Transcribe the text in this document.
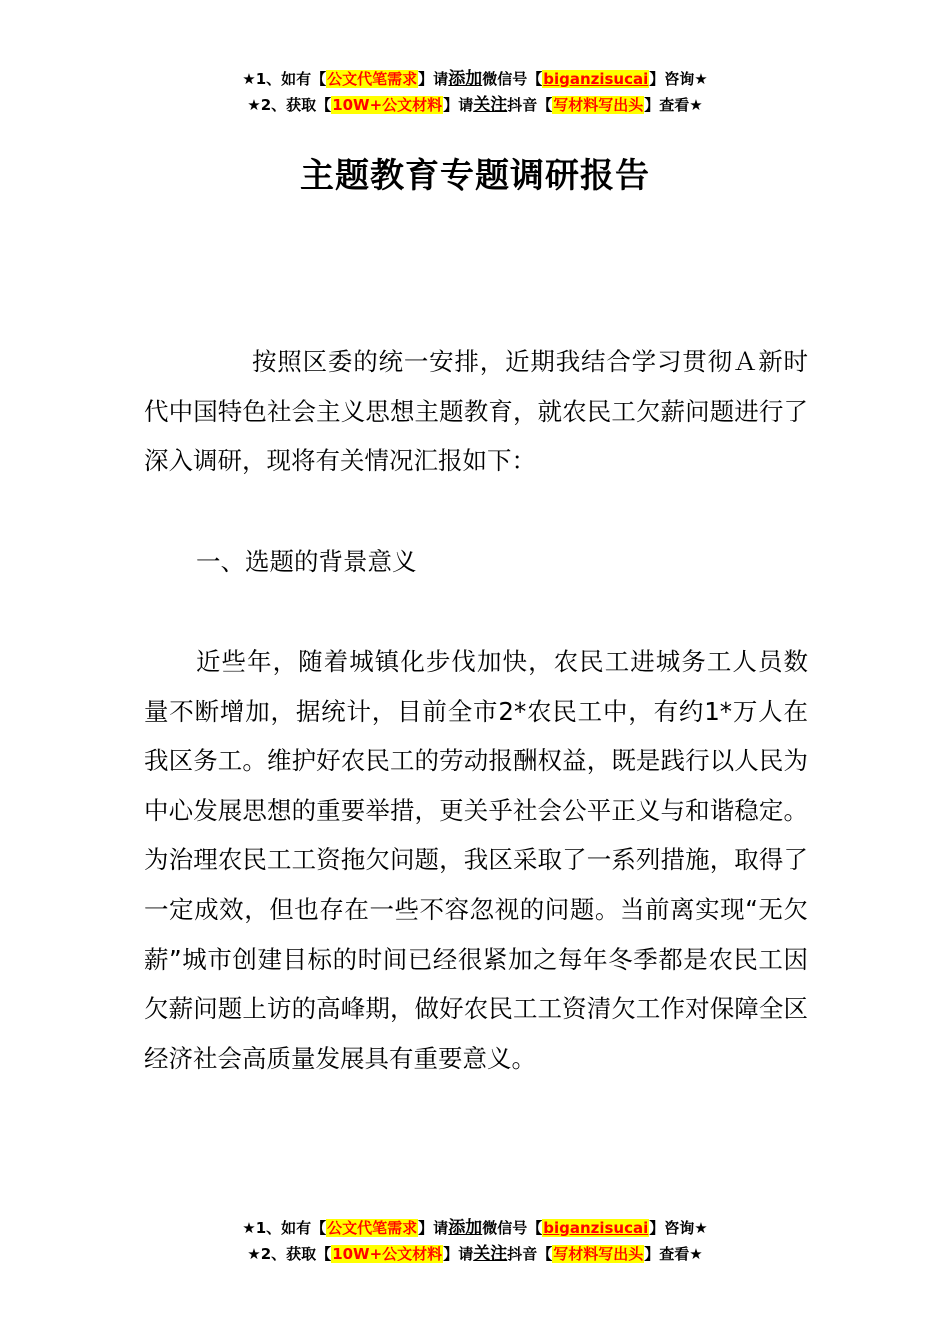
★1、如有【公文代笔需求】请添加微信号【biganzisucai】咨询★
★2、获取【10W+公文材料】请关注抖音【写材料写出头】查看★
主题教育专题调研报告

按照区委的统一安排，近期我结合学习贯彻Ａ新时代中国特色社会主义思想主题教育，就农民工欠薪问题进行了深入调研，现将有关情况汇报如下：

一、选题的背景意义

近些年，随着城镇化步伐加快，农民工进城务工人员数量不断增加，据统计，目前全市2*农民工中，有约1*万人在我区务工。维护好农民工的劳动报酬权益，既是践行以人民为中心发展思想的重要举措，更关乎社会公平正义与和谐稳定。为治理农民工工资拖欠问题，我区采取了一系列措施，取得了一定成效，但也存在一些不容忽视的问题。当前离实现“无欠薪”城市创建目标的时间已经很紧加之每年冬季都是农民工因欠薪问题上访的高峰期，做好农民工工资清欠工作对保障全区经济社会高质量发展具有重要意义。

★1、如有【公文代笔需求】请添加微信号【biganzisucai】咨询★
★2、获取【10W+公文材料】请关注抖音【写材料写出头】查看★
